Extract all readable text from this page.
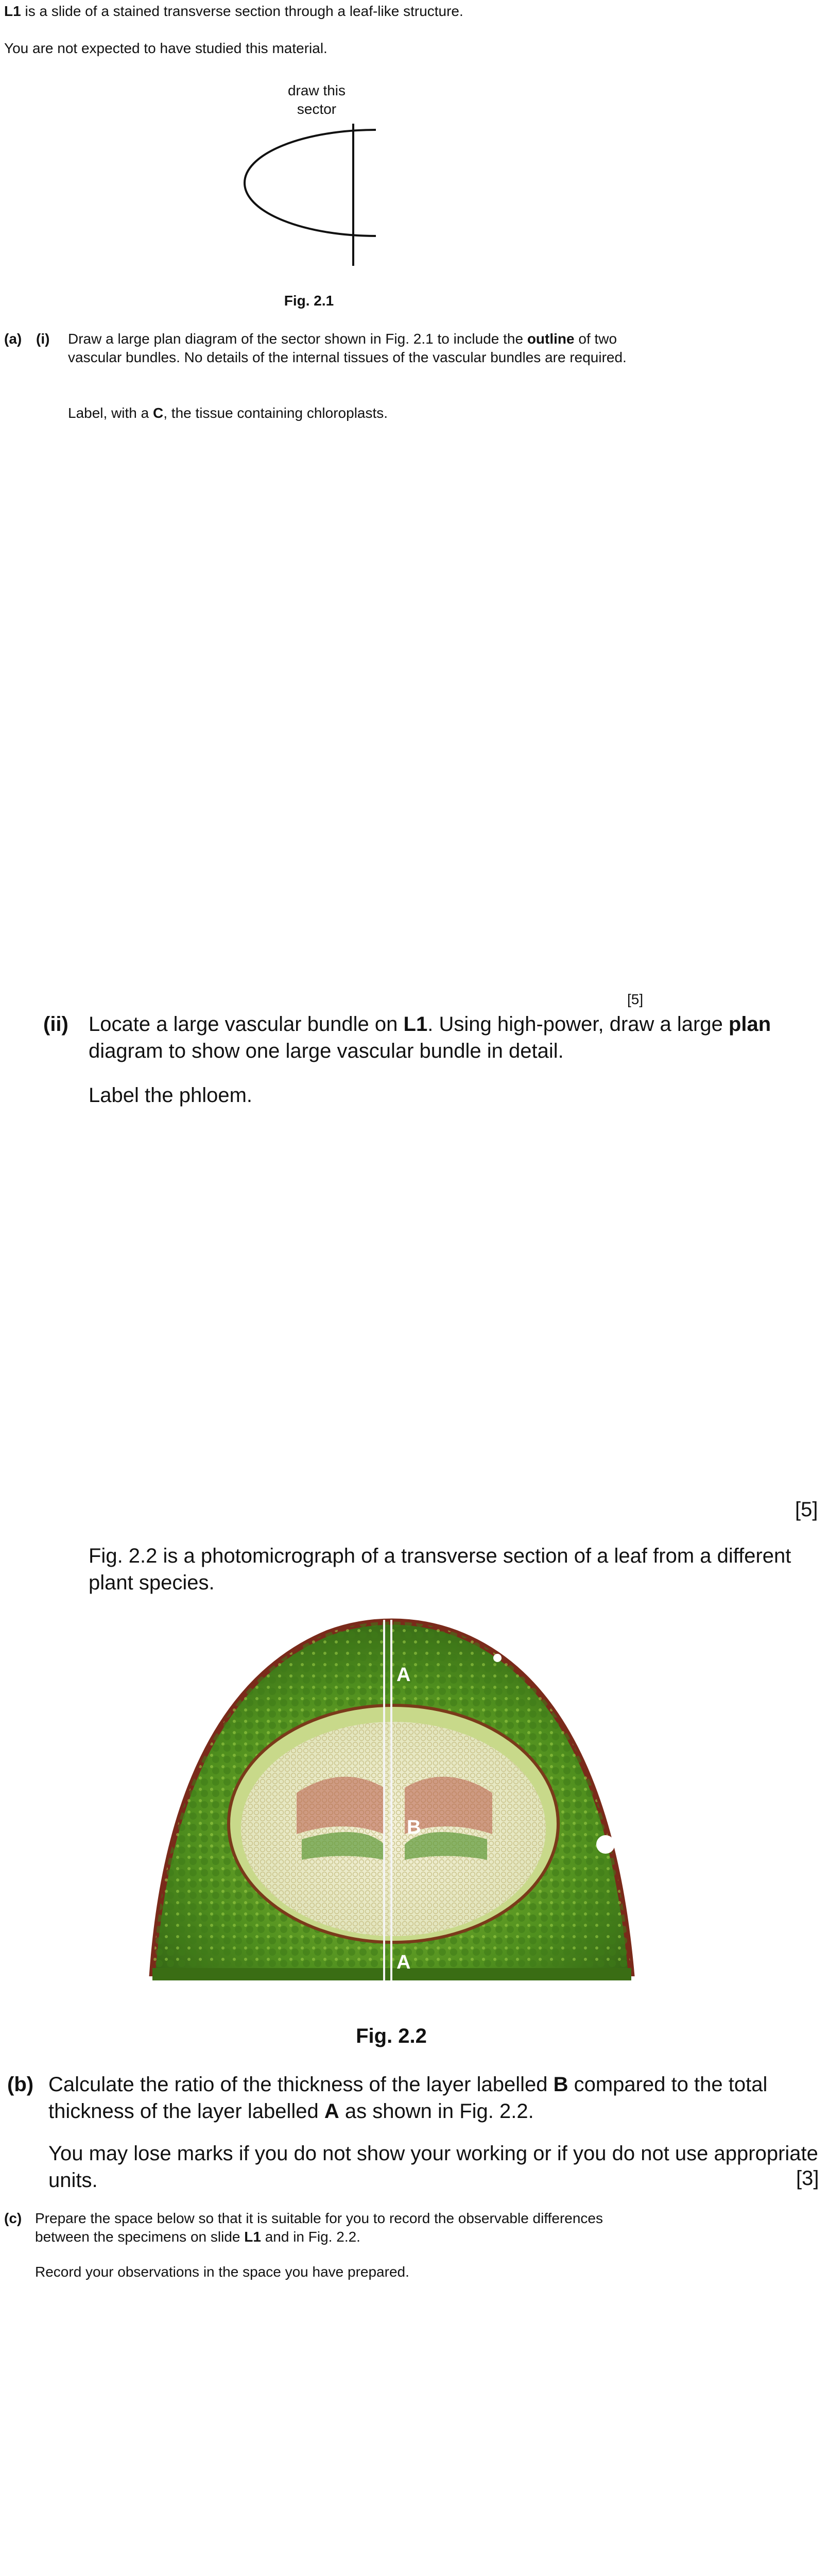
L1 is a slide of a stained transverse section through a leaf-like structure.
You are not expected to have studied this material.
draw this
sector
Fig. 2.1
(a) (i) Draw a large plan diagram of the sector shown in Fig. 2.1 to include the outline of two vascular bundles. No details of the internal tissues of the vascular bundles are required.
Label, with a C, the tissue containing chloroplasts.
[5]
(ii) Locate a large vascular bundle on L1. Using high-power, draw a large plan diagram to show one large vascular bundle in detail.
Label the phloem.
[5]
Fig. 2.2 is a photomicrograph of a transverse section of a leaf from a different plant species.
A
B
A
Fig. 2.2
(b) Calculate the ratio of the thickness of the layer labelled B compared to the total thickness of the layer labelled A as shown in Fig. 2.2.
You may lose marks if you do not show your working or if you do not use appropriate units.	[3]
(c) Prepare the space below so that it is suitable for you to record the observable differences between the specimens on slide L1 and in Fig. 2.2.
Record your observations in the space you have prepared.
